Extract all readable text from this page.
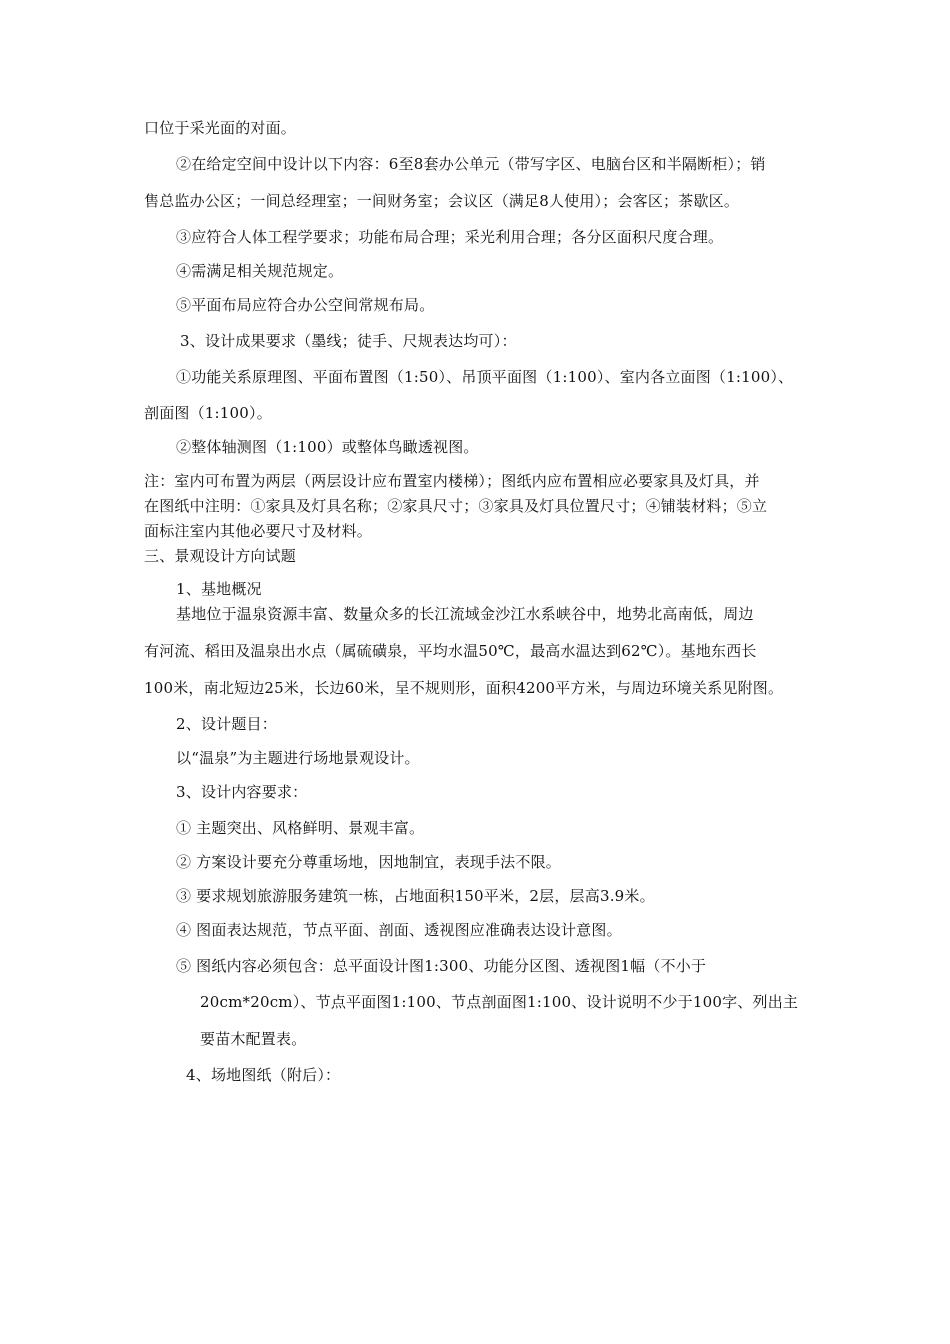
口位于采光面的对面。
②在给定空间中设计以下内容：6至8套办公单元（带写字区、电脑台区和半隔断柜）；销
售总监办公区；一间总经理室；一间财务室；会议区（满足8人使用）；会客区；茶歇区。
③应符合人体工程学要求；功能布局合理；采光利用合理；各分区面积尺度合理。
④需满足相关规范规定。
⑤平面布局应符合办公空间常规布局。
3、设计成果要求（墨线；徒手、尺规表达均可）：
①功能关系原理图、平面布置图（1:50）、吊顶平面图（1:100）、室内各立面图（1:100）、
剖面图（1:100）。
②整体轴测图（1:100）或整体鸟瞰透视图。
注：室内可布置为两层（两层设计应布置室内楼梯）；图纸内应布置相应必要家具及灯具，并
在图纸中注明：①家具及灯具名称；②家具尺寸；③家具及灯具位置尺寸；④铺装材料；⑤立
面标注室内其他必要尺寸及材料。
三、景观设计方向试题
1、基地概况
基地位于温泉资源丰富、数量众多的长江流域金沙江水系峡谷中，地势北高南低，周边
有河流、稻田及温泉出水点（属硫磺泉，平均水温50℃，最高水温达到62℃）。基地东西长
100米，南北短边25米，长边60米，呈不规则形，面积4200平方米，与周边环境关系见附图。
2、设计题目：
以“温泉”为主题进行场地景观设计。
3、设计内容要求：
① 主题突出、风格鲜明、景观丰富。
② 方案设计要充分尊重场地，因地制宜，表现手法不限。
③ 要求规划旅游服务建筑一栋，占地面积150平米，2层，层高3.9米。
④ 图面表达规范，节点平面、剖面、透视图应准确表达设计意图。
⑤ 图纸内容必须包含：总平面设计图1:300、功能分区图、透视图1幅（不小于
20cm*20cm）、节点平面图1:100、节点剖面图1:100、设计说明不少于100字、列出主
要苗木配置表。
4、场地图纸（附后）：
